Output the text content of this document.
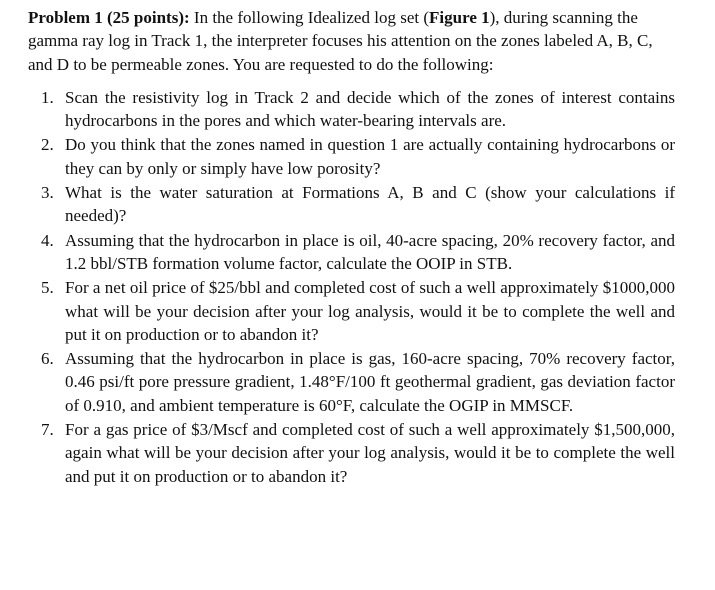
Problem 1 (25 points): In the following Idealized log set (Figure 1), during scanning the gamma ray log in Track 1, the interpreter focuses his attention on the zones labeled A, B, C, and D to be permeable zones. You are requested to do the following:

1. Scan the resistivity log in Track 2 and decide which of the zones of interest contains hydrocarbons in the pores and which water-bearing intervals are.
2. Do you think that the zones named in question 1 are actually containing hydrocarbons or they can by only or simply have low porosity?
3. What is the water saturation at Formations A, B and C (show your calculations if needed)?
4. Assuming that the hydrocarbon in place is oil, 40-acre spacing, 20% recovery factor, and 1.2 bbl/STB formation volume factor, calculate the OOIP in STB.
5. For a net oil price of $25/bbl and completed cost of such a well approximately $1000,000 what will be your decision after your log analysis, would it be to complete the well and put it on production or to abandon it?
6. Assuming that the hydrocarbon in place is gas, 160-acre spacing, 70% recovery factor, 0.46 psi/ft pore pressure gradient, 1.48°F/100 ft geothermal gradient, gas deviation factor of 0.910, and ambient temperature is 60°F, calculate the OGIP in MMSCF.
7. For a gas price of $3/Mscf and completed cost of such a well approximately $1,500,000, again what will be your decision after your log analysis, would it be to complete the well and put it on production or to abandon it?
